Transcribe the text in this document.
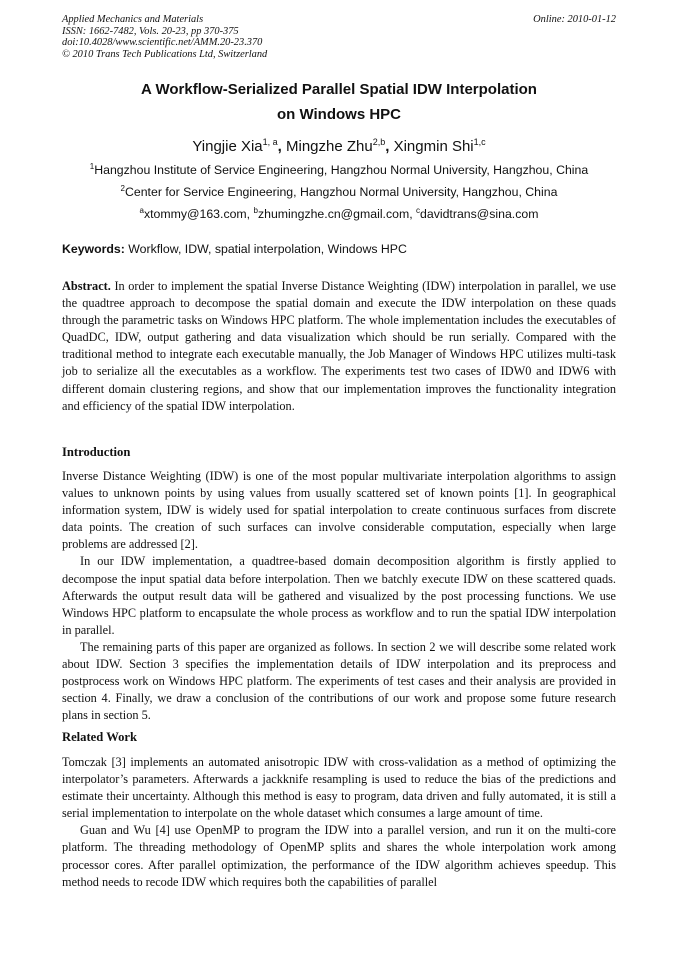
Applied Mechanics and Materials
ISSN: 1662-7482, Vols. 20-23, pp 370-375
doi:10.4028/www.scientific.net/AMM.20-23.370
© 2010 Trans Tech Publications Ltd, Switzerland
Online: 2010-01-12
A Workflow-Serialized Parallel Spatial IDW Interpolation
on Windows HPC
Yingjie Xia$^{1, a}$, Mingzhe Zhu$^{2,b}$, Xingmin Shi$^{1,c}$
$^1$Hangzhou Institute of Service Engineering, Hangzhou Normal University, Hangzhou, China
$^2$Center for Service Engineering, Hangzhou Normal University, Hangzhou, China
$^a$xtommy@163.com, $^b$zhumingzhe.cn@gmail.com, $^c$davidtrans@sina.com
Keywords: Workflow, IDW, spatial interpolation, Windows HPC

Abstract. In order to implement the spatial Inverse Distance Weighting (IDW) interpolation in parallel, we use the quadtree approach to decompose the spatial domain and execute the IDW interpolation on these quads through the parametric tasks on Windows HPC platform. The whole implementation includes the executables of QuadDC, IDW, output gathering and data visualization which should be run serially. Compared with the traditional method to integrate each executable manually, the Job Manager of Windows HPC utilizes multi-task job to serialize all the executables as a workflow. The experiments test two cases of IDW0 and IDW6 with different domain clustering regions, and show that our implementation improves the functionality integration and efficiency of the spatial IDW interpolation.

Introduction

Inverse Distance Weighting (IDW) is one of the most popular multivariate interpolation algorithms to assign values to unknown points by using values from usually scattered set of known points [1]. In geographical information system, IDW is widely used for spatial interpolation to create continuous surfaces from discrete data points. The creation of such surfaces can involve considerable computation, especially when large problems are addressed [2].

In our IDW implementation, a quadtree-based domain decomposition algorithm is firstly applied to decompose the input spatial data before interpolation. Then we batchly execute IDW on these scattered quads. Afterwards the output result data will be gathered and visualized by the post processing functions. We use Windows HPC platform to encapsulate the whole process as workflow and to run the spatial IDW interpolation in parallel.

The remaining parts of this paper are organized as follows. In section 2 we will describe some related work about IDW. Section 3 specifies the implementation details of IDW interpolation and its preprocess and postprocess work on Windows HPC platform. The experiments of test cases and their analysis are provided in section 4. Finally, we draw a conclusion of the contributions of our work and propose some future research plans in section 5.

Related Work

Tomczak [3] implements an automated anisotropic IDW with cross-validation as a method of optimizing the interpolator’s parameters. Afterwards a jackknife resampling is used to reduce the bias of the predictions and estimate their uncertainty. Although this method is easy to program, data driven and fully automated, it is still a serial implementation to interpolate on the whole dataset which consumes a large amount of time.

Guan and Wu [4] use OpenMP to program the IDW into a parallel version, and run it on the multi-core platform. The threading methodology of OpenMP splits and shares the whole interpolation work among processor cores. After parallel optimization, the performance of the IDW algorithm achieves speedup. This method needs to recode IDW which requires both the capabilities of parallel
